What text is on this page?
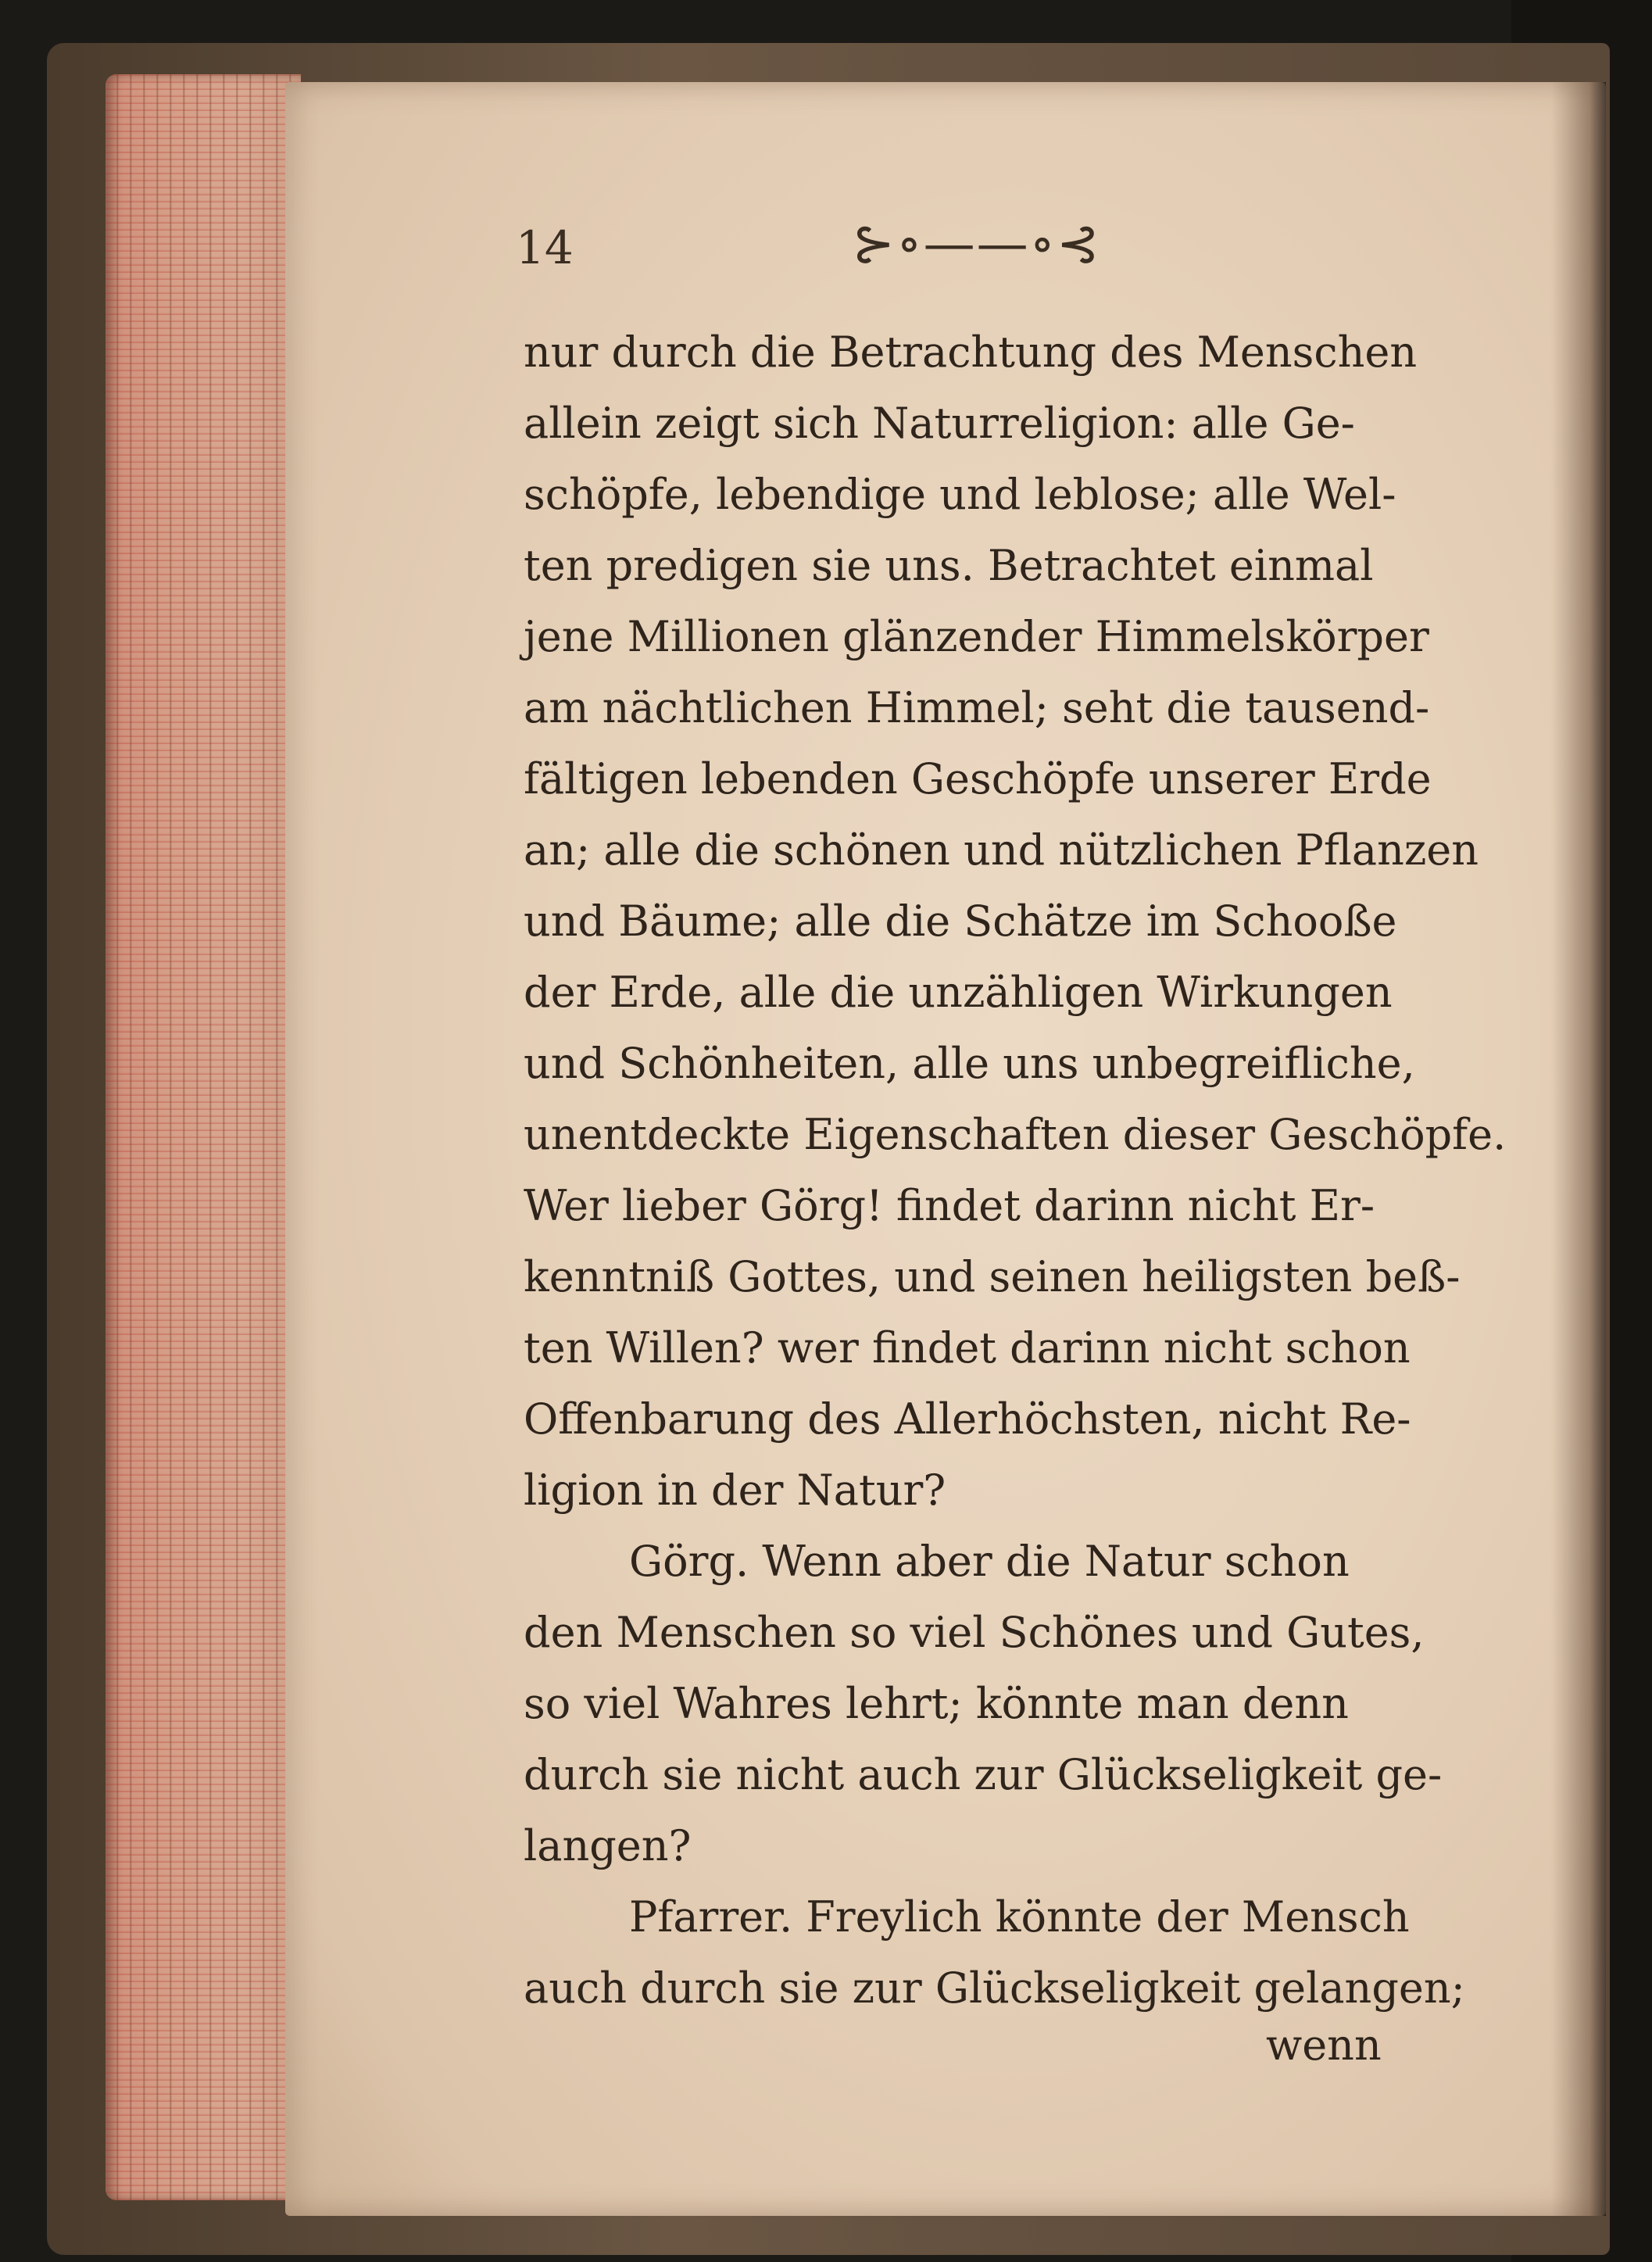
14	⊱∘——∘⊰
nur durch die Betrachtung des Menschen
allein zeigt sich Naturreligion: alle Ge-
schöpfe, lebendige und leblose; alle Wel-
ten predigen sie uns. Betrachtet einmal
jene Millionen glänzender Himmelskörper
am nächtlichen Himmel; seht die tausend-
fältigen lebenden Geschöpfe unserer Erde
an; alle die schönen und nützlichen Pflanzen
und Bäume; alle die Schätze im Schooße
der Erde, alle die unzähligen Wirkungen
und Schönheiten, alle uns unbegreifliche,
unentdeckte Eigenschaften dieser Geschöpfe.
Wer lieber Görg! findet darinn nicht Er-
kenntniß Gottes, und seinen heiligsten beß-
ten Willen? wer findet darinn nicht schon
Offenbarung des Allerhöchsten, nicht Re-
ligion in der Natur?
Görg. Wenn aber die Natur schon
den Menschen so viel Schönes und Gutes,
so viel Wahres lehrt; könnte man denn
durch sie nicht auch zur Glückseligkeit ge-
langen?
Pfarrer. Freylich könnte der Mensch
auch durch sie zur Glückseligkeit gelangen;
wenn
